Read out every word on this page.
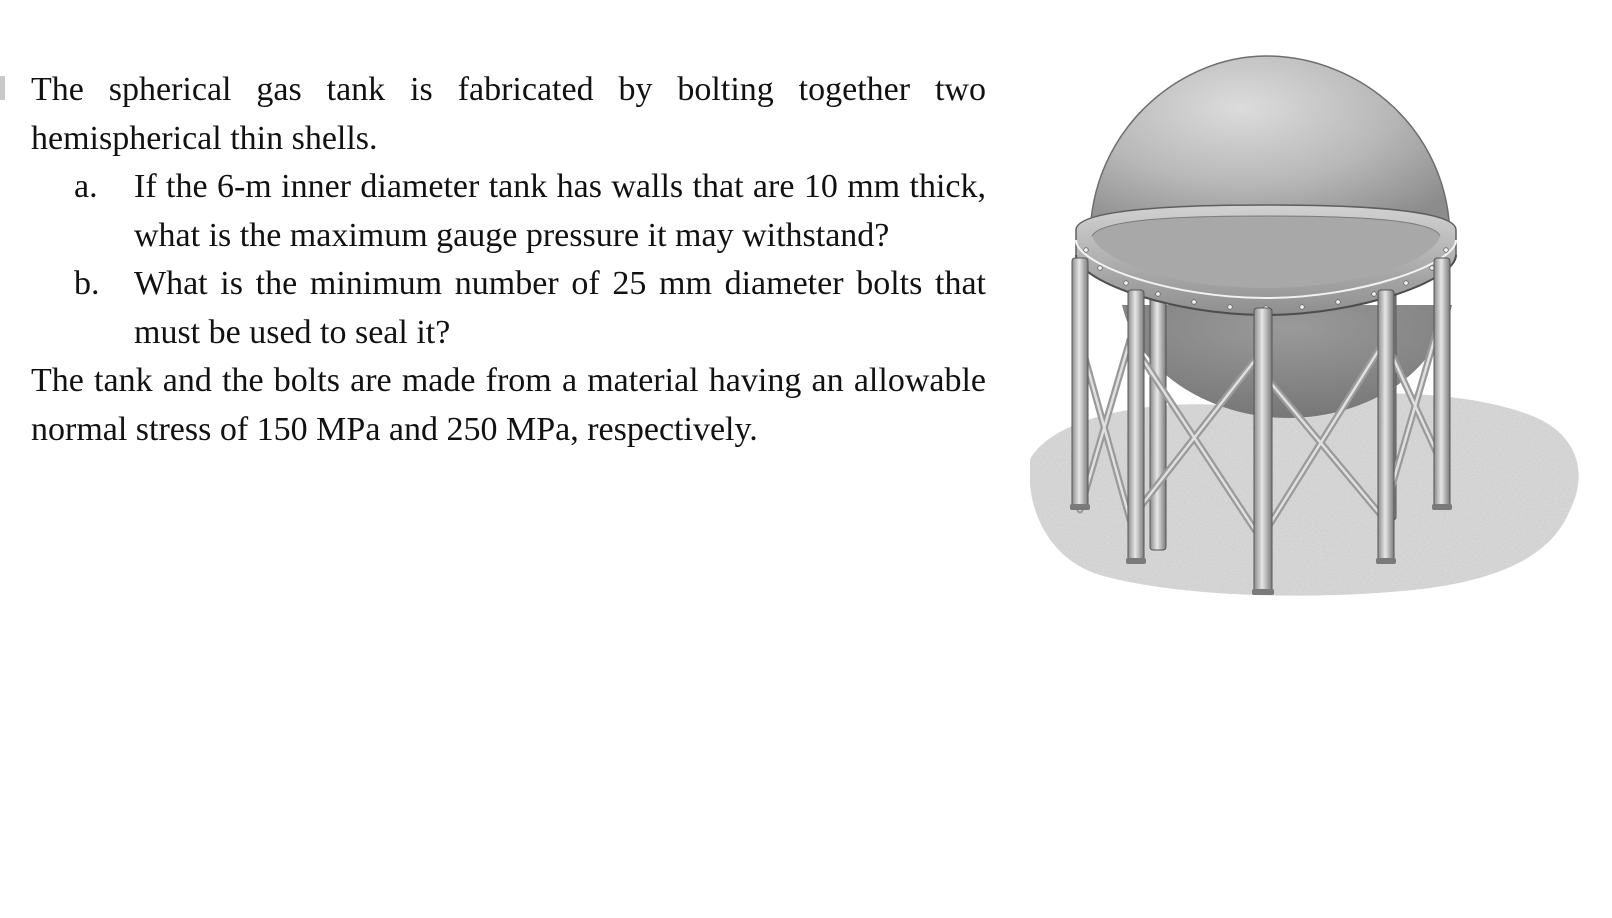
The spherical gas tank is fabricated by bolting together two hemispherical thin shells.

a.	If the 6-m inner diameter tank has walls that are 10 mm thick, what is the maximum gauge pressure it may withstand?
b.	What is the minimum number of 25 mm diameter bolts that must be used to seal it?

The tank and the bolts are made from a material having an allowable normal stress of 150 MPa and 250 MPa, respectively.
